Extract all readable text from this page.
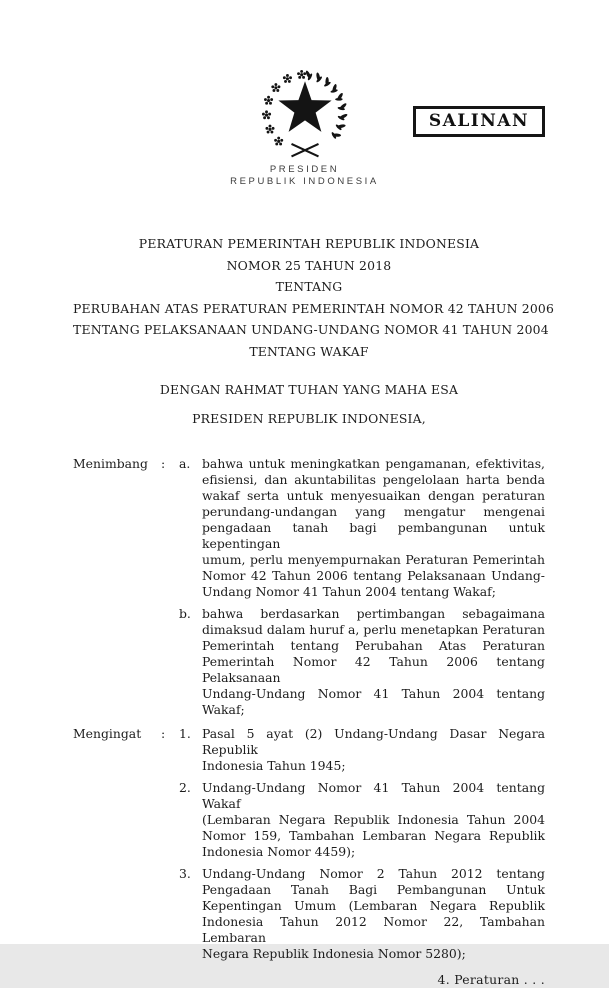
SALINAN
PRESIDEN
REPUBLIK INDONESIA
PERATURAN PEMERINTAH REPUBLIK INDONESIA
NOMOR 25 TAHUN 2018
TENTANG
PERUBAHAN ATAS PERATURAN PEMERINTAH NOMOR 42 TAHUN 2006
TENTANG PELAKSANAAN UNDANG-UNDANG NOMOR 41 TAHUN 2004
TENTANG WAKAF
DENGAN RAHMAT TUHAN YANG MAHA ESA
PRESIDEN REPUBLIK INDONESIA,
Menimbang	:	a. bahwa untuk meningkatkan pengamanan, efektivitas,
efisiensi, dan akuntabilitas pengelolaan harta benda
wakaf serta untuk menyesuaikan dengan peraturan
perundang-undangan yang mengatur mengenai
pengadaan tanah bagi pembangunan untuk kepentingan
umum, perlu menyempurnakan Peraturan Pemerintah
Nomor 42 Tahun 2006 tentang Pelaksanaan Undang-
Undang Nomor 41 Tahun 2004 tentang Wakaf;
b. bahwa berdasarkan pertimbangan sebagaimana
dimaksud dalam huruf a, perlu menetapkan Peraturan
Pemerintah tentang Perubahan Atas Peraturan
Pemerintah Nomor 42 Tahun 2006 tentang Pelaksanaan
Undang-Undang Nomor 41 Tahun 2004 tentang Wakaf;
Mengingat	:	1. Pasal 5 ayat (2) Undang-Undang Dasar Negara Republik
Indonesia Tahun 1945;
2. Undang-Undang Nomor 41 Tahun 2004 tentang Wakaf
(Lembaran Negara Republik Indonesia Tahun 2004
Nomor 159, Tambahan Lembaran Negara Republik
Indonesia Nomor 4459);
3. Undang-Undang Nomor 2 Tahun 2012 tentang
Pengadaan Tanah Bagi Pembangunan Untuk
Kepentingan Umum (Lembaran Negara Republik
Indonesia Tahun 2012 Nomor 22, Tambahan Lembaran
Negara Republik Indonesia Nomor 5280);
4. Peraturan . . .
